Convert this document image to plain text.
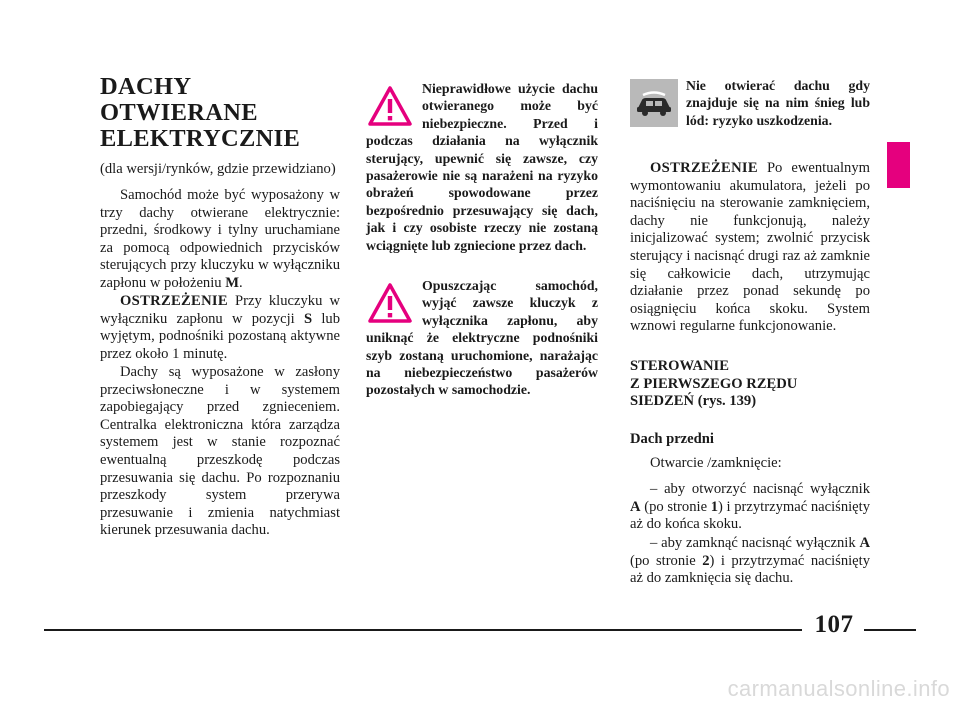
DACHY
OTWIERANE
ELEKTRYCZNIE
(dla wersji/rynków, gdzie przewidziano)
Samochód może być wyposażony w trzy dachy otwierane elektrycznie: przedni, środkowy i tylny uruchamiane za pomocą odpowiednich przycisków sterujących przy kluczyku w wyłączniku zapłonu w położeniu M.
OSTRZEŻENIE Przy kluczyku w wyłączniku zapłonu w pozycji S lub wyjętym, podnośniki pozostaną aktywne przez około 1 minutę.
Dachy są wyposażone w zasłony przeciwsłoneczne i w systemem zapobiegający przed zgnieceniem. Centralka elektroniczna która zarządza systemem jest w stanie rozpoznać ewentualną przeszkodę podczas przesuwania się dachu. Po rozpoznaniu przeszkody system przerywa przesuwanie i zmienia natychmiast kierunek przesuwania dachu.
Nieprawidłowe użycie dachu otwieranego może być niebezpieczne. Przed i podczas działania na wyłącznik sterujący, upewnić się zawsze, czy pasażerowie nie są narażeni na ryzyko obrażeń spowodowane przez bezpośrednio przesuwający się dach, jak i czy osobiste rzeczy nie zostaną wciągnięte lub zgniecione przez dach.
Opuszczając samochód, wyjąć zawsze kluczyk z wyłącznika zapłonu, aby uniknąć że elektryczne podnośniki szyb zostaną uruchomione, narażając na niebezpieczeństwo pasażerów pozostałych w samochodzie.
Nie otwierać dachu gdy znajduje się na nim śnieg lub lód: ryzyko uszkodzenia.
OSTRZEŻENIE Po ewentualnym wymontowaniu akumulatora, jeżeli po naciśnięciu na sterowanie zamknięciem, dachy nie funkcjonują, należy inicjalizować system; zwolnić przycisk sterujący i nacisnąć drugi raz aż zamknie się całkowicie dach, utrzymując działanie przez ponad sekundę po osiągnięciu końca skoku. System wznowi regularne funkcjonowanie.
STEROWANIE
Z PIERWSZEGO RZĘDU
SIEDZEŃ (rys. 139)
Dach przedni
Otwarcie /zamknięcie:
– aby otworzyć nacisnąć wyłącznik A (po stronie 1) i przytrzymać naciśnięty aż do końca skoku.
– aby zamknąć nacisnąć wyłącznik A (po stronie 2) i przytrzymać naciśnięty aż do zamknięcia się dachu.
107
carmanualsonline.info
